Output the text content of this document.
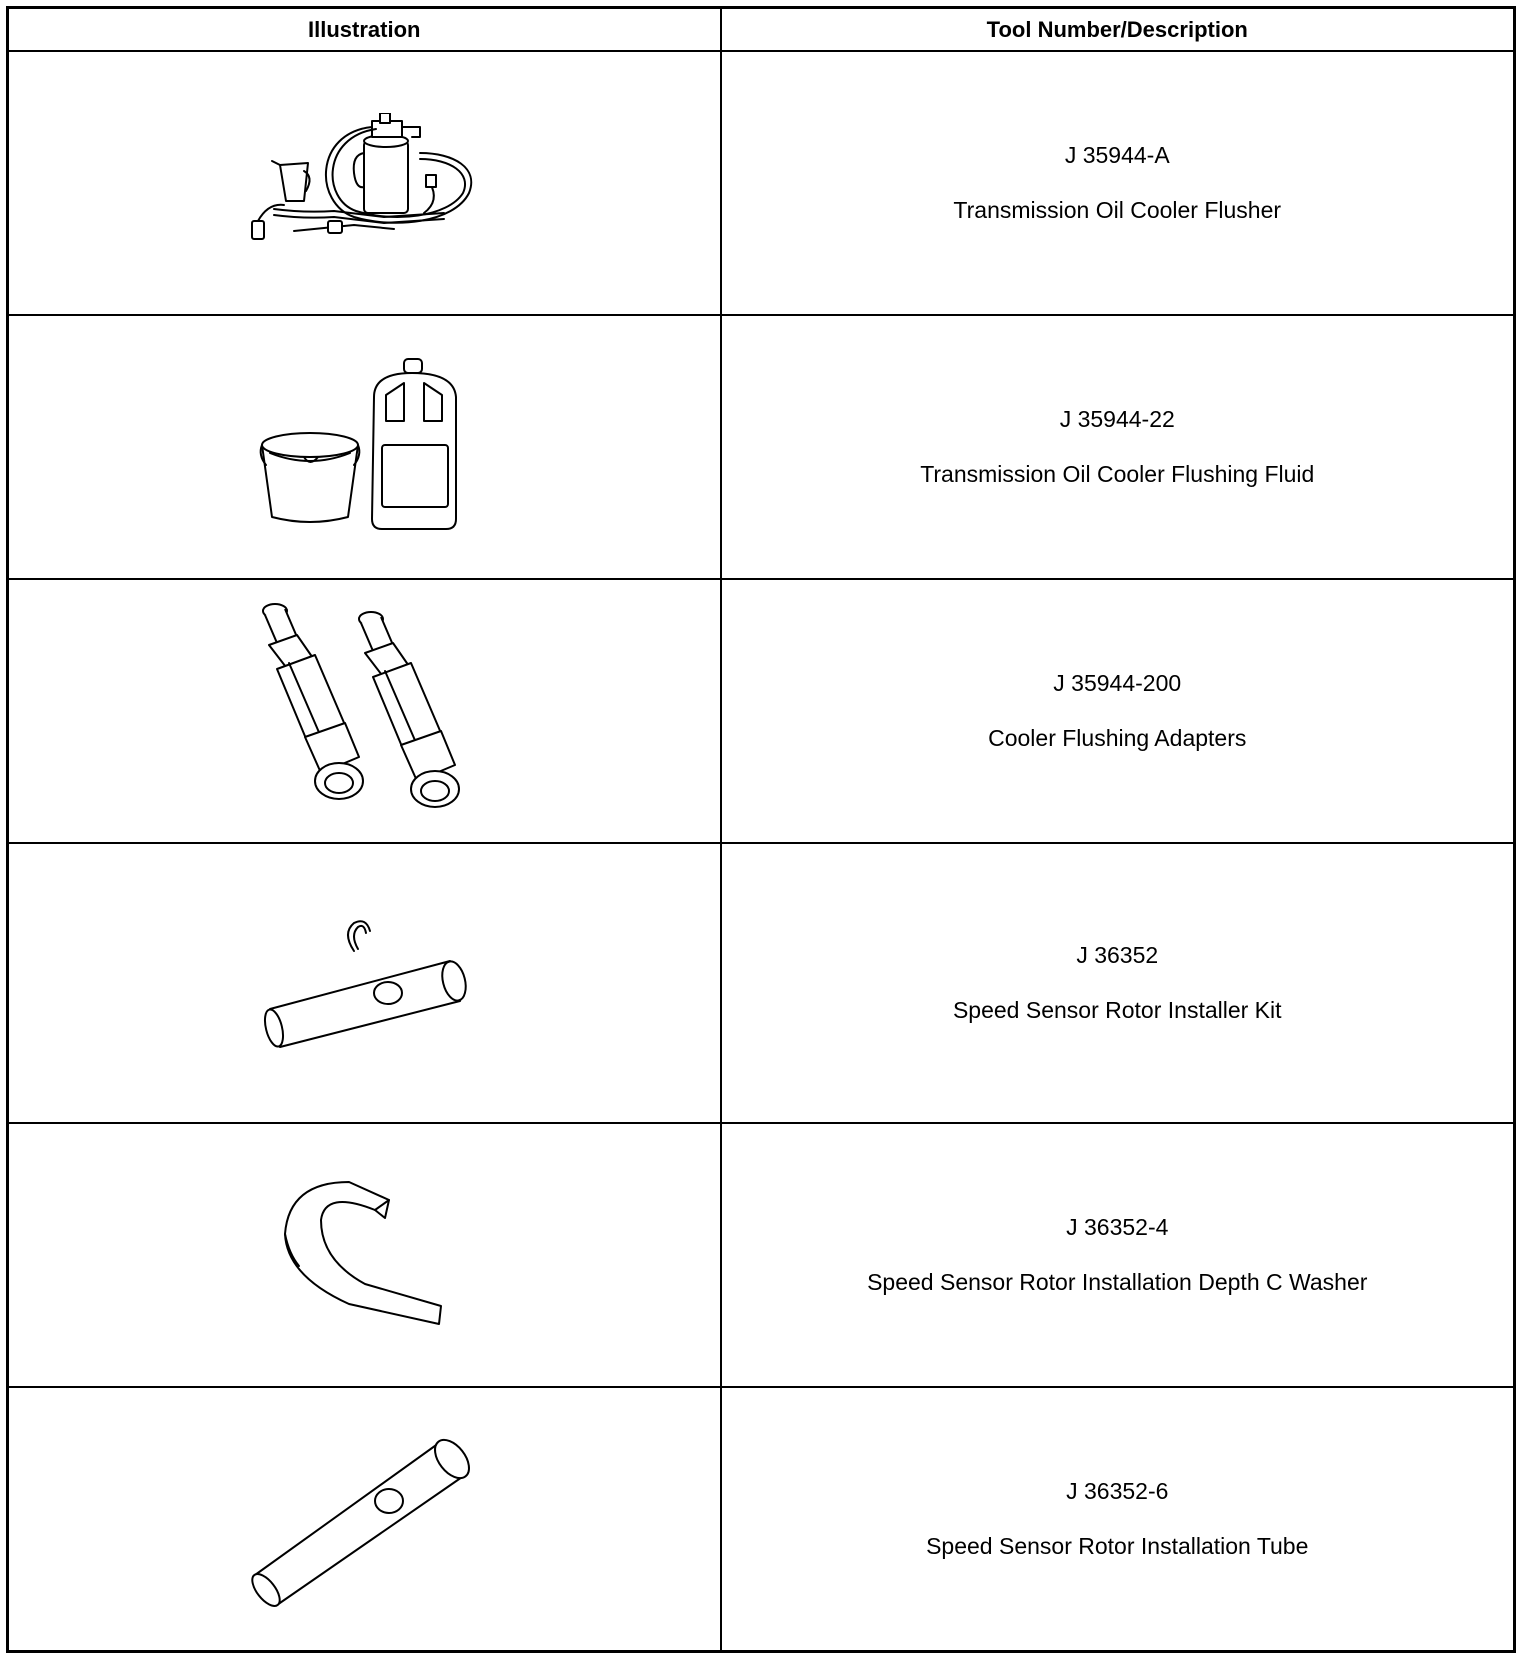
Illustration	Tool Number/Description

J 35944-A
Transmission Oil Cooler Flusher

J 35944-22
Transmission Oil Cooler Flushing Fluid

J 35944-200
Cooler Flushing Adapters

J 36352
Speed Sensor Rotor Installer Kit

J 36352-4
Speed Sensor Rotor Installation Depth C Washer

J 36352-6
Speed Sensor Rotor Installation Tube
